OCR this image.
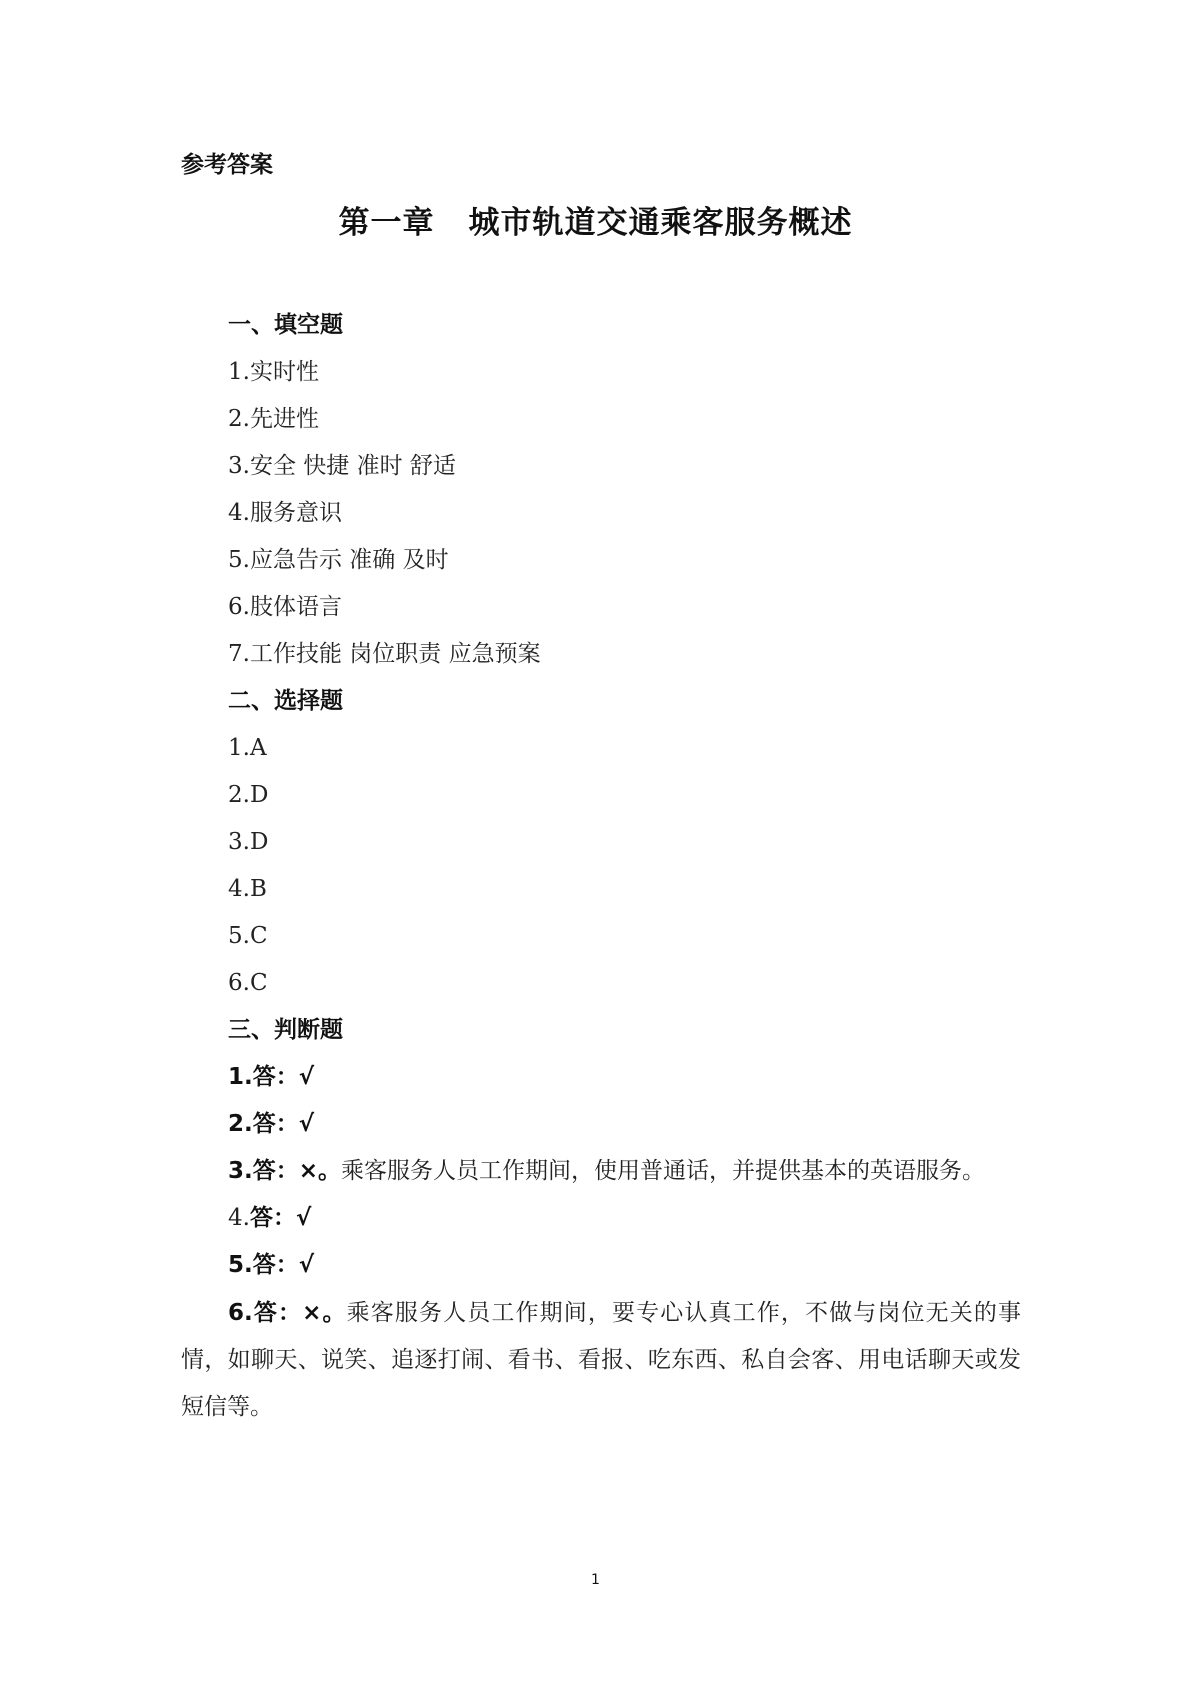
参考答案
第一章 城市轨道交通乘客服务概述
一、填空题
1.实时性
2.先进性
3.安全 快捷 准时 舒适
4.服务意识
5.应急告示 准确 及时
6.肢体语言
7.工作技能 岗位职责 应急预案
二、选择题
1.A
2.D
3.D
4.B
5.C
6.C
三、判断题
1.答：√
2.答：√
3.答：×。乘客服务人员工作期间，使用普通话，并提供基本的英语服务。
4.答：√
5.答：√
6.答：×。乘客服务人员工作期间，要专心认真工作，不做与岗位无关的事情，如聊天、说笑、追逐打闹、看书、看报、吃东西、私自会客、用电话聊天或发短信等。
1
